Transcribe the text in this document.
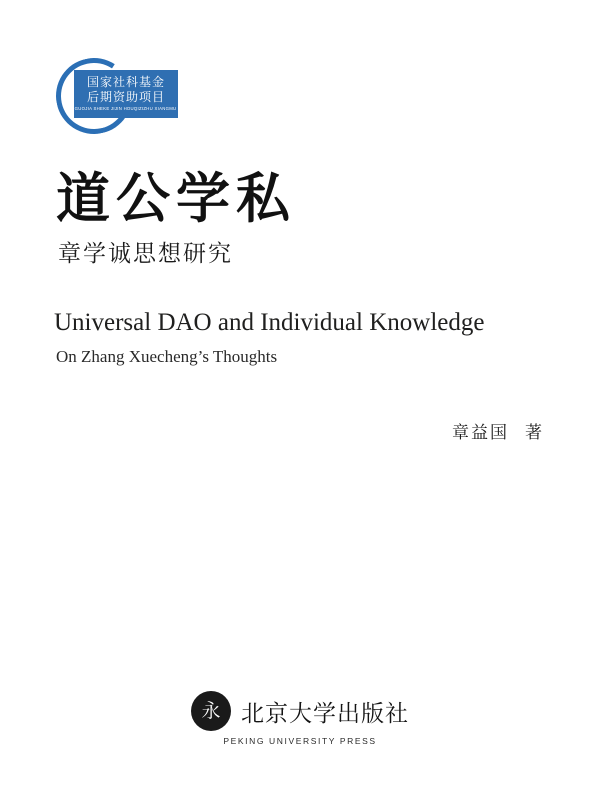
国家社科基金
后期资助项目
GUOJIA SHEKE JIJIN HOUQIZIZHU XIANGMU
道公学私
章学诚思想研究
Universal DAO and Individual Knowledge
On Zhang Xuecheng’s Thoughts
章益国 著
永 北京大学出版社
PEKING UNIVERSITY PRESS
